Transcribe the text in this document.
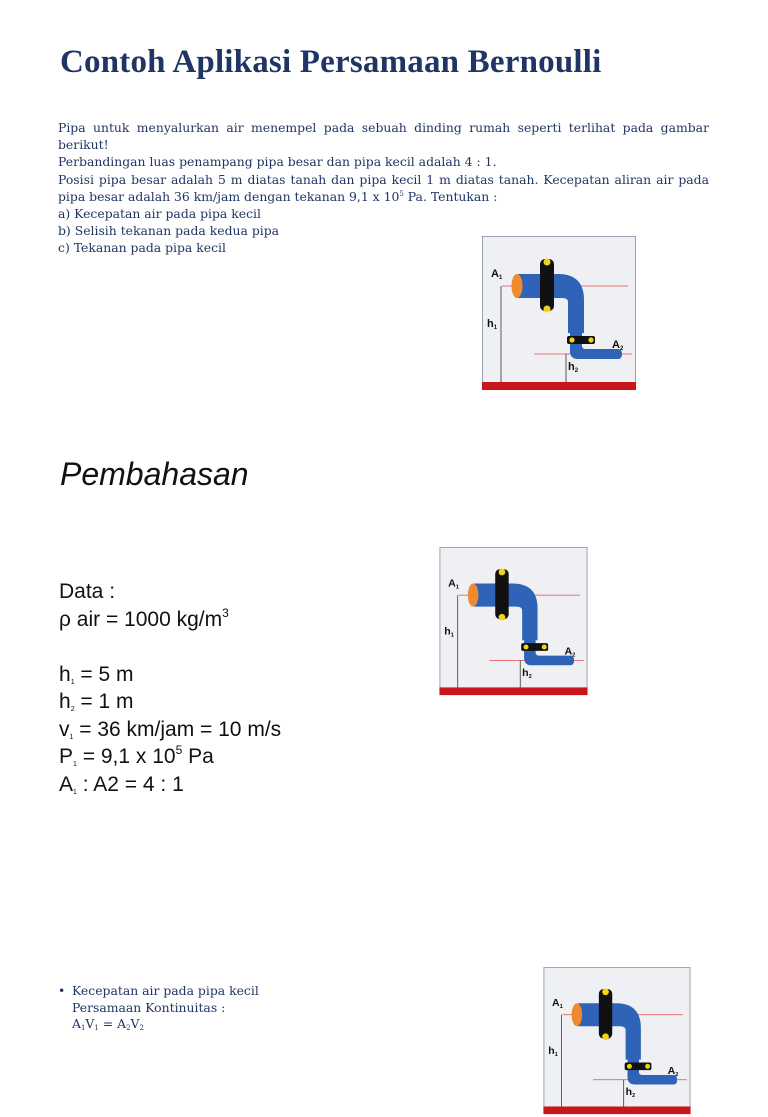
Contoh Aplikasi Persamaan Bernoulli
Pipa untuk menyalurkan air menempel pada sebuah dinding rumah seperti terlihat pada gambar
berikut!
Perbandingan luas penampang pipa besar dan pipa kecil adalah 4 : 1.
Posisi pipa besar adalah 5 m diatas tanah dan pipa kecil 1 m diatas tanah. Kecepatan aliran air pada
pipa besar adalah 36 km/jam dengan tekanan 9,1 x $10^5$ Pa. Tentukan :
a) Kecepatan air pada pipa kecil
b) Selisih tekanan pada kedua pipa
c) Tekanan pada pipa kecil
A1
h1
A2
h2
Pembahasan
A1
h1
A2
h2
Data :
ρ air = 1000 $kg/m^3$
$h_1 = 5$ m
$h_2 = 1$ m
$v_1 = 36$ km/jam = 10 m/s
$P_1 = 9,1$ x $10^5$ Pa
$A_1$ : A2 = 4 : 1
• Kecepatan air pada pipa kecil
Persamaan Kontinuitas :
$A_1V_1 = A_2V_2$
A1
h1
A2
h2
